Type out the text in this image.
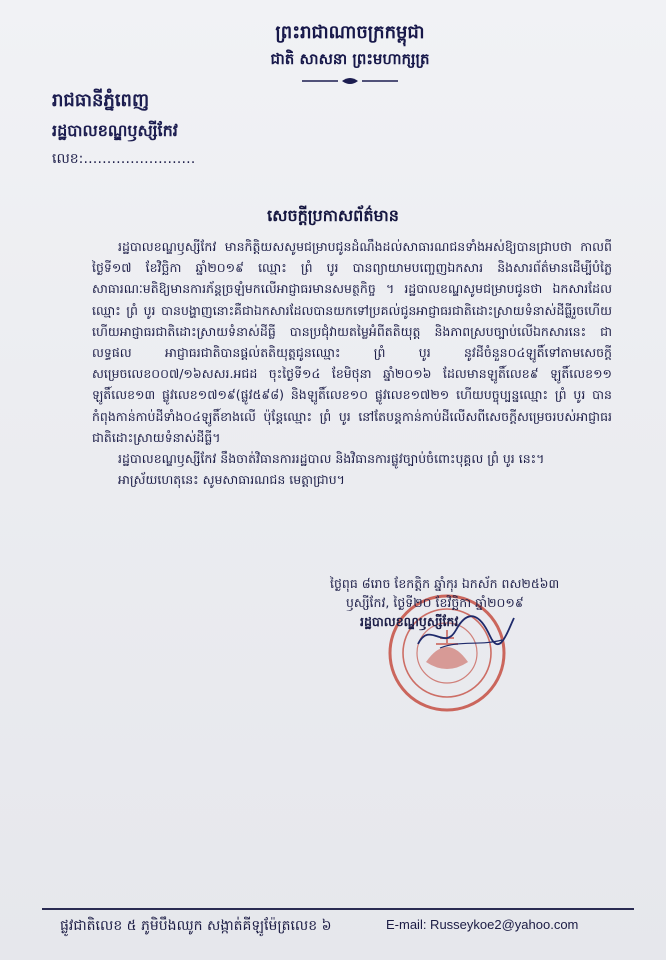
ព្រះរាជាណាចក្រកម្ពុជា
ជាតិ សាសនា ព្រះមហាក្សត្រ
រាជធានីភ្នំពេញ
រដ្ឋបាលខណ្ឌឫស្សីកែវ
លេខ:……………………
សេចក្តីប្រកាសព័ត៌មាន

រដ្ឋបាលខណ្ឌឫស្សីកែវ មានកិត្តិយសសូមជម្រាបជូនដំណឹងដល់សាធារណជនទាំងអស់ឱ្យបានជ្រាបថា កាលពីថ្ងៃទី១៧ ខែវិច្ឆិកា ឆ្នាំ២០១៩ ឈ្មោះ ព្រំ បូរ បានព្យាយាមបញ្ចេញឯកសារ និងសារព័ត៌មានដើម្បីបំភ្លៃសាធារណៈមតិឱ្យមានការភ័ន្តច្រឡំមកលើអាជ្ញាធរមានសមត្ថកិច្ច ។ រដ្ឋបាលខណ្ឌសូមជម្រាបជូនថា ឯកសារដែលឈ្មោះ ព្រំ បូរ បានបង្ហាញនោះគឺជាឯកសារដែលបានយកទៅប្រគល់ជូនអាជ្ញាធរជាតិដោះស្រាយទំនាស់ដីធ្លីរួចហើយ ហើយអាជ្ញាធរជាតិដោះស្រាយទំនាស់ដីធ្លី បានប្រជុំវាយតម្លៃអំពីតតិយុត្ត និងភាពស្របច្បាប់លើឯកសារនេះ ជាលទ្ធផល អាជ្ញាធរជាតិបានផ្តល់តតិយុត្តជូនឈ្មោះ ព្រំ បូរ នូវដីចំនួន០៤ឡូតិ៍ទៅតាមសេចក្តីសម្រេចលេខ០០៧/១៦សសរ.អជដ ចុះថ្ងៃទី១៤ ខែមិថុនា ឆ្នាំ២០១៦ ដែលមានឡូតិ៍លេខ៩ ឡូតិ៍លេខ១១ ឡូតិ៍លេខ១៣ ផ្លូវលេខ១៧១៩(ផ្លូវ៥៩៨) និងឡូតិ៍លេខ១០ ផ្លូវលេខ១៧២១ ហើយបច្ចុប្បន្នឈ្មោះ ព្រំ បូរ បានកំពុងកាន់កាប់ដីទាំង០៤ឡូតិ៍ខាងលើ ប៉ុន្តែឈ្មោះ ព្រំ បូរ នៅតែបន្តកាន់កាប់ដីលើសពីសេចក្តីសម្រេចរបស់អាជ្ញាធរជាតិដោះស្រាយទំនាស់ដីធ្លី។

រដ្ឋបាលខណ្ឌឫស្សីកែវ នឹងចាត់វិធានការរដ្ឋបាល និងវិធានការផ្លូវច្បាប់ចំពោះបុគ្គល ព្រំ បូរ នេះ។

អាស្រ័យហេតុនេះ សូមសាធារណជន មេត្តាជ្រាប។

ថ្ងៃពុធ ៨រោច ខែកត្តិក ឆ្នាំកុរ ឯកស័ក ពស២៥៦៣
ឫស្សីកែវ, ថ្ងៃទី២០ ខែវិច្ឆិកា ឆ្នាំ២០១៩
រដ្ឋបាលខណ្ឌឫស្សីកែវ
ផ្លូវជាតិលេខ ៥ ភូមិបឹងឈូក សង្កាត់គីឡូម៉ែត្រលេខ ៦	E-mail: Russeykoe2@yahoo.com
